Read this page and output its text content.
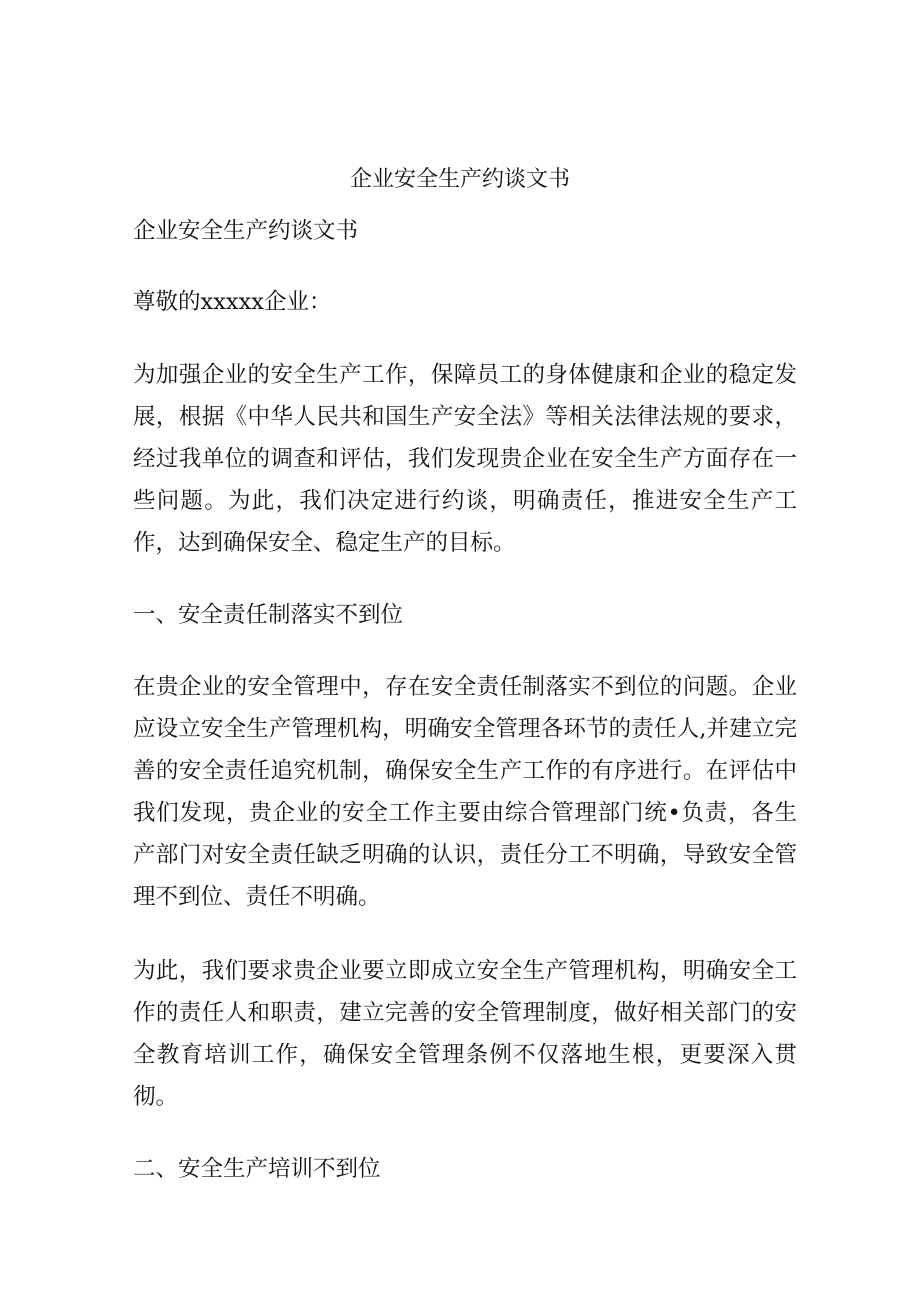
企业安全生产约谈文书

企业安全生产约谈文书

尊敬的xxxxx企业：

为加强企业的安全生产工作，保障员工的身体健康和企业的稳定发展，根据《中华人民共和国生产安全法》等相关法律法规的要求，经过我单位的调查和评估，我们发现贵企业在安全生产方面存在一些问题。为此，我们决定进行约谈，明确责任，推进安全生产工作，达到确保安全、稳定生产的目标。

一、安全责任制落实不到位

在贵企业的安全管理中，存在安全责任制落实不到位的问题。企业应设立安全生产管理机构，明确安全管理各环节的责任人,并建立完善的安全责任追究机制，确保安全生产工作的有序进行。在评估中我们发现，贵企业的安全工作主要由综合管理部门统•负责，各生产部门对安全责任缺乏明确的认识，责任分工不明确，导致安全管理不到位、责任不明确。

为此，我们要求贵企业要立即成立安全生产管理机构，明确安全工作的责任人和职责，建立完善的安全管理制度，做好相关部门的安全教育培训工作，确保安全管理条例不仅落地生根，更要深入贯彻。

二、安全生产培训不到位
